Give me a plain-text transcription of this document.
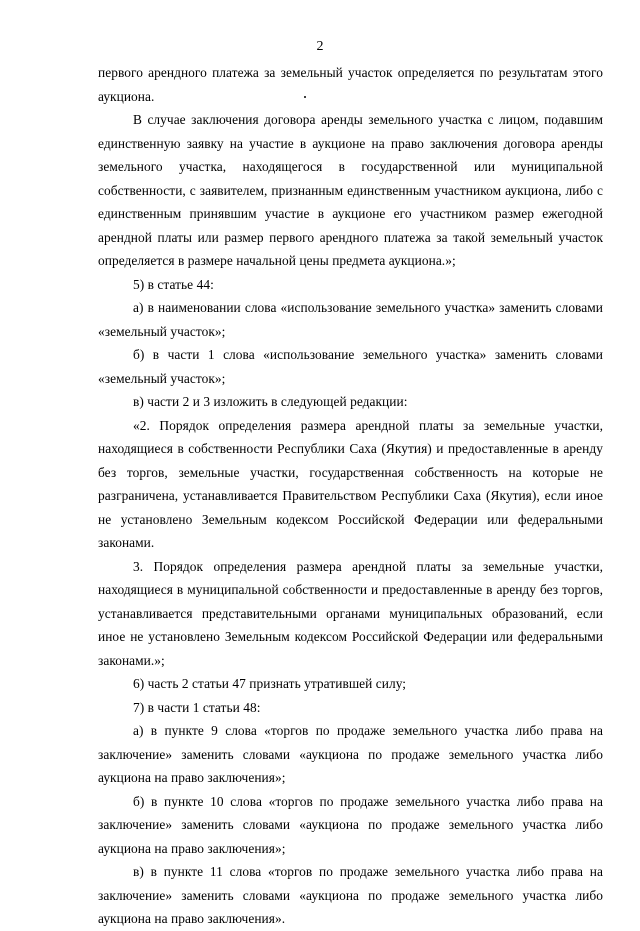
2

первого арендного платежа за земельный участок определяется по результатам этого аукциона.

В случае заключения договора аренды земельного участка с лицом, подавшим единственную заявку на участие в аукционе на право заключения договора аренды земельного участка, находящегося в государственной или муниципальной собственности, с заявителем, признанным единственным участником аукциона, либо с единственным принявшим участие в аукционе его участником размер ежегодной арендной платы или размер первого арендного платежа за такой земельный участок определяется в размере начальной цены предмета аукциона.»;

5) в статье 44:

а) в наименовании слова «использование земельного участка» заменить словами «земельный участок»;

б) в части 1 слова «использование земельного участка» заменить словами «земельный участок»;

в) части 2 и 3 изложить в следующей редакции:

«2. Порядок определения размера арендной платы за земельные участки, находящиеся в собственности Республики Саха (Якутия) и предоставленные в аренду без торгов, земельные участки, государственная собственность на которые не разграничена, устанавливается Правительством Республики Саха (Якутия), если иное не установлено Земельным кодексом Российской Федерации или федеральными законами.

3. Порядок определения размера арендной платы за земельные участки, находящиеся в муниципальной собственности и предоставленные в аренду без торгов, устанавливается представительными органами муниципальных образований, если иное не установлено Земельным кодексом Российской Федерации или федеральными законами.»;

6) часть 2 статьи 47 признать утратившей силу;

7) в части 1 статьи 48:

а) в пункте 9 слова «торгов по продаже земельного участка либо права на заключение» заменить словами «аукциона по продаже земельного участка либо аукциона на право заключения»;

б) в пункте 10 слова «торгов по продаже земельного участка либо права на заключение» заменить словами «аукциона по продаже земельного участка либо аукциона на право заключения»;

в) в пункте 11 слова «торгов по продаже земельного участка либо права на заключение» заменить словами «аукциона по продаже земельного участка либо аукциона на право заключения».
